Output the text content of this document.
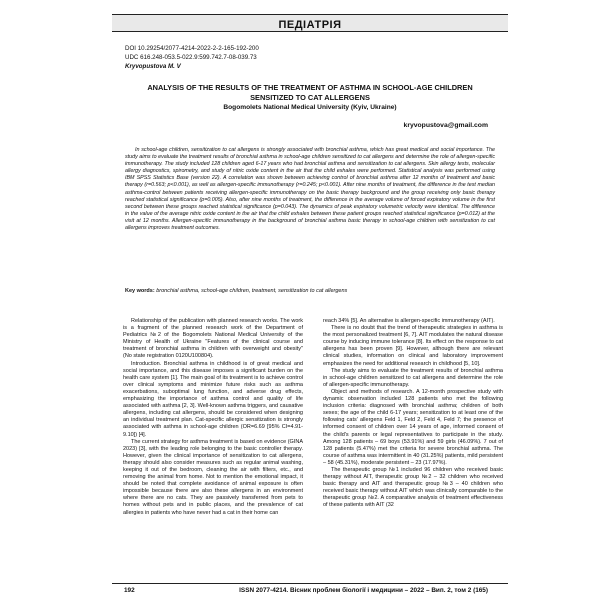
ПЕДІАТРІЯ
DOI 10.29254/2077-4214-2022-2-2-165-192-200
UDC 616.248-053.5-022.9:599.742.7-08-039.73
Kryvopustova M. V
ANALYSIS OF THE RESULTS OF THE TREATMENT OF ASTHMA IN SCHOOL-AGE CHILDREN SENSITIZED TO CAT ALLERGENS
Bogomolets National Medical University (Kyiv, Ukraine)
kryvopustova@gmail.com

In school-age children, sensitization to cat allergens is strongly associated with bronchial asthma, which has great medical and social importance. The study aims to evaluate the treatment results of bronchial asthma in school-age children sensitized to cat allergens and determine the role of allergen-specific immunotherapy. The study included 128 children aged 6-17 years who had bronchial asthma and sensitization to cat allergens. Skin allergy tests, molecular allergy diagnostics, spirometry, and study of nitric oxide content in the air that the child exhales were performed. Statistical analysis was performed using IBM SPSS Statistics Base (version 22). A correlation was shown between achieving control of bronchial asthma after 12 months of treatment and basic therapy (r=0.563; p<0.001), as well as allergen-specific immunotherapy (r=0.245; p<0.001). After nine months of treatment, the difference in the test median asthma-control between patients receiving allergen-specific immunotherapy on the basic therapy background and the group receiving only basic therapy reached statistical significance (p=0.005). Also, after nine months of treatment, the difference in the average volume of forced expiratory volume in the first second between these groups reached statistical significance (p=0.043). The dynamics of peak expiratory volumetric velocity were identical. The difference in the value of the average nitric oxide content in the air that the child exhales between these patient groups reached statistical significance (p=0.012) at the visit at 12 months. Allergen-specific immunotherapy in the background of bronchial asthma basic therapy in school-age children with sensitization to cat allergens improves treatment outcomes.

Key words: bronchial asthma, school-age children, treatment, sensitization to cat allergens

Relationship of the publication with planned research works. The work is a fragment of the planned research work of the Department of Pediatrics №2 of the Bogomolets National Medical University of the Ministry of Health of Ukraine "Features of the clinical course and treatment of bronchial asthma in children with overweight and obesity" (No state registration 0120U100804).

Introduction. Bronchial asthma in childhood is of great medical and social importance, and this disease imposes a significant burden on the health care system [1]. The main goal of its treatment is to achieve control over clinical symptoms and minimize future risks such as asthma exacerbations, suboptimal lung function, and adverse drug effects, emphasizing the importance of asthma control and quality of life associated with asthma [2, 3]. Well-known asthma triggers, and causative allergens, including cat allergens, should be considered when designing an individual treatment plan. Cat-specific allergic sensitization is strongly associated with asthma in school-age children (OR=6.69 [95% CI=4.91-9.10]) [4].

The current strategy for asthma treatment is based on evidence (GINA 2023) [3], with the leading role belonging to the basic controller therapy. However, given the clinical importance of sensitization to cat allergens, therapy should also consider measures such as regular animal washing, keeping it out of the bedroom, cleaning the air with filters, etc., and removing the animal from home. Not to mention the emotional impact, it should be noted that complete avoidance of animal exposure is often impossible because there are also these allergens in an environment where there are no cats. They are passively transferred from pets to homes without pets and in public places, and the prevalence of cat allergies in patients who have never had a cat in their home can

reach 34% [5]. An alternative is allergen-specific immunotherapy (AIT).

There is no doubt that the trend of therapeutic strategies in asthma is the most personalized treatment [6, 7]. AIT modulates the natural disease course by inducing immune tolerance [8]. Its effect on the response to cat allergens has been proven [9]. However, although there are relevant clinical studies, information on clinical and laboratory improvement emphasizes the need for additional research in childhood [5, 10].

The study aims to evaluate the treatment results of bronchial asthma in school-age children sensitized to cat allergens and determine the role of allergen-specific immunotherapy.

Object and methods of research. A 12-month prospective study with dynamic observation included 128 patients who met the following inclusion criteria: diagnosed with bronchial asthma; children of both sexes; the age of the child 6-17 years; sensitization to at least one of the following cats' allergens Feld 1, Feld 2, Feld 4, Feld 7; the presence of informed consent of children over 14 years of age, informed consent of the child's parents or legal representatives to participate in the study. Among 128 patients – 69 boys (53.91%) and 59 girls (46.09%). 7 out of 128 patients (5.47%) met the criteria for severe bronchial asthma. The course of asthma was intermittent in 40 (31.25%) patients, mild persistent – 58 (45.31%), moderate persistent – 23 (17.97%).

The therapeutic group №1 included 96 children who received basic therapy without AIT, therapeutic group №2 – 32 children who received basic therapy and AIT and therapeutic group №3 – 40 children who received basic therapy without AIT which was clinically comparable to the therapeutic group №2. A comparative analysis of treatment effectiveness of these patients with AIT (32

192	ISSN 2077-4214. Вісник проблем біології і медицини – 2022 – Вип. 2, том 2 (165)
